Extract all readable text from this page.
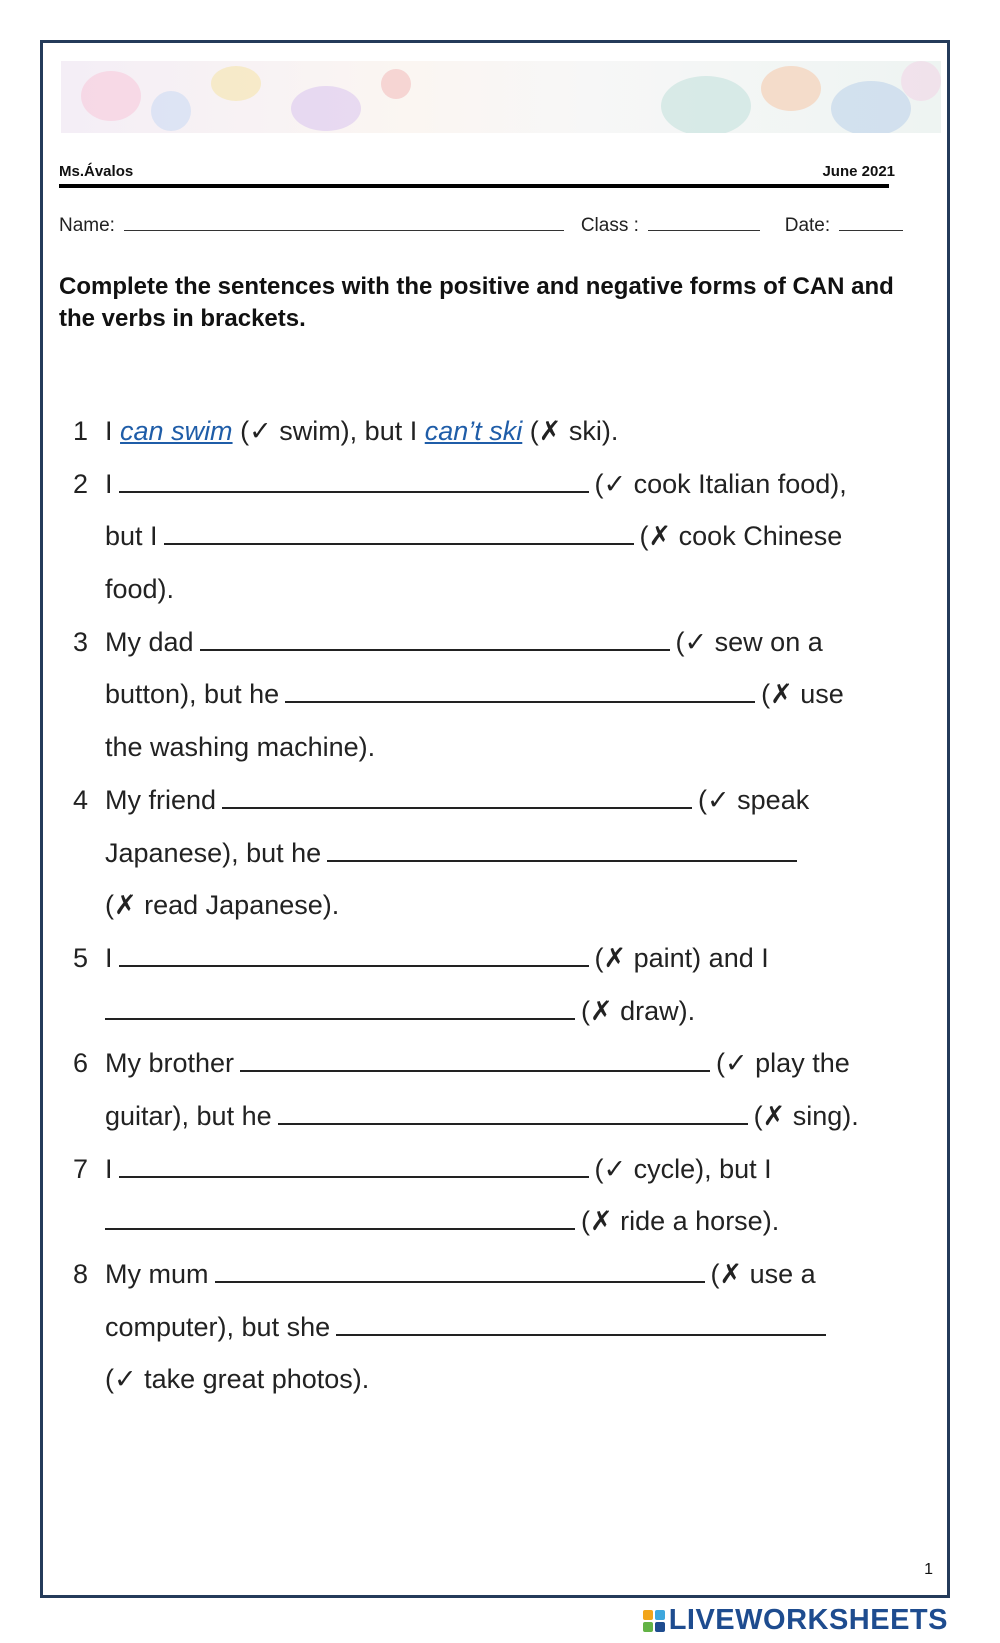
Ms.Ávalos	June 2021
Name:	Class :	Date:
Complete the sentences with the positive and negative forms of CAN and the verbs in brackets.
1 I can swim (✓ swim), but I can’t ski (✗ ski).
2 I	(✓ cook Italian food),
but I	(✗ cook Chinese
food).
3 My dad	(✓ sew on a
button), but he	(✗ use
the washing machine).
4 My friend	(✓ speak
Japanese), but he
(✗ read Japanese).
5 I	(✗ paint) and I
(✗ draw).
6 My brother	(✓ play the
guitar), but he	(✗ sing).
7 I	(✓ cycle), but I
(✗ ride a horse).
8 My mum	(✗ use a
computer), but she
(✓ take great photos).
1
LIVEWORKSHEETS
